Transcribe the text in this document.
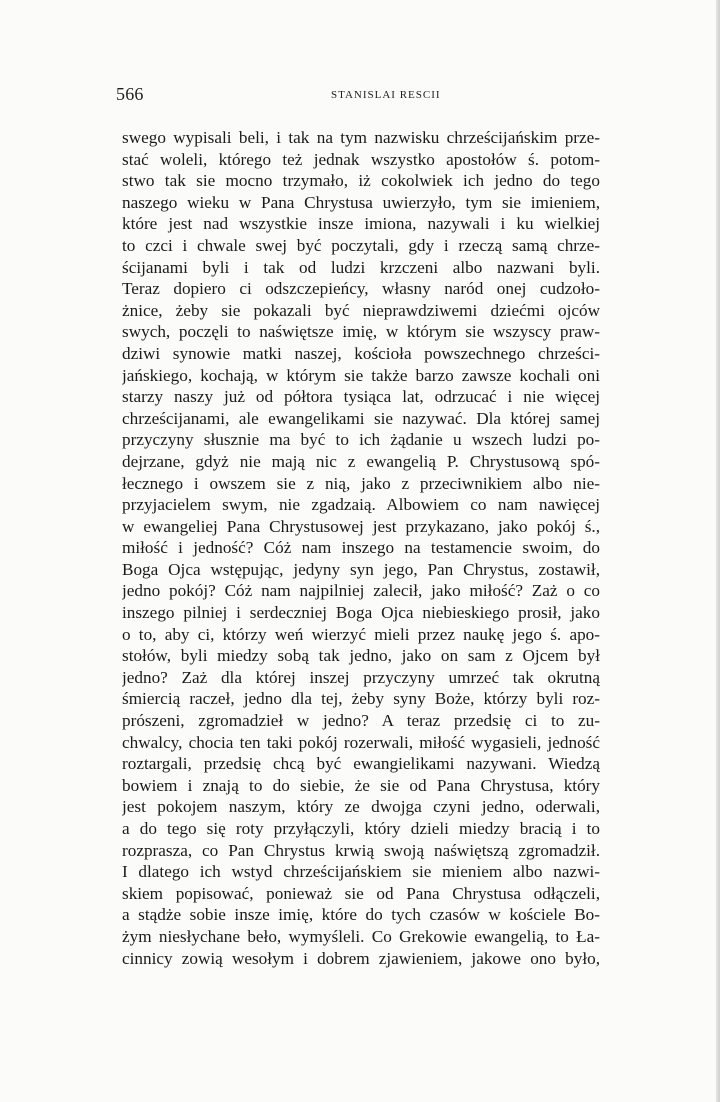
566	STANISLAI RESCII
swego wypisali beli, i tak na tym nazwisku chrześcijańskim prze-
stać woleli, którego też jednak wszystko apostołów ś. potom-
stwo tak sie mocno trzymało, iż cokolwiek ich jedno do tego
naszego wieku w Pana Chrystusa uwierzyło, tym sie imieniem,
które jest nad wszystkie insze imiona, nazywali i ku wielkiej
to czci i chwale swej być poczytali, gdy i rzeczą samą chrze-
ścijanami byli i tak od ludzi krzczeni albo nazwani byli.
Teraz dopiero ci odszczepieńcy, własny naród onej cudzoło-
żnice, żeby sie pokazali być nieprawdziwemi dziećmi ojców
swych, poczęli to naświętsze imię, w którym sie wszyscy praw-
dziwi synowie matki naszej, kościoła powszechnego chrześci-
jańskiego, kochają, w którym sie także barzo zawsze kochali oni
starzy naszy już od półtora tysiąca lat, odrzucać i nie więcej
chrześcijanami, ale ewangelikami sie nazywać. Dla której samej
przyczyny słusznie ma być to ich żądanie u wszech ludzi po-
dejrzane, gdyż nie mają nic z ewangelią P. Chrystusową spó-
łecznego i owszem sie z nią, jako z przeciwnikiem albo nie-
przyjacielem swym, nie zgadzaią. Albowiem co nam nawięcej
w ewangeliej Pana Chrystusowej jest przykazano, jako pokój ś.,
miłość i jedność? Cóż nam inszego na testamencie swoim, do
Boga Ojca wstępując, jedyny syn jego, Pan Chrystus, zostawił,
jedno pokój? Cóż nam najpilniej zalecił, jako miłość? Zaż o co
inszego pilniej i serdeczniej Boga Ojca niebieskiego prosił, jako
o to, aby ci, którzy weń wierzyć mieli przez naukę jego ś. apo-
stołów, byli miedzy sobą tak jedno, jako on sam z Ojcem był
jedno? Zaż dla której inszej przyczyny umrzeć tak okrutną
śmiercią raczeł, jedno dla tej, żeby syny Boże, którzy byli roz-
prószeni, zgromadzieł w jedno? A teraz przedsię ci to zu-
chwalcy, chocia ten taki pokój rozerwali, miłość wygasieli, jedność
roztargali, przedsię chcą być ewangielikami nazywani. Wiedzą
bowiem i znają to do siebie, że sie od Pana Chrystusa, który
jest pokojem naszym, który ze dwojga czyni jedno, oderwali,
a do tego się roty przyłączyli, który dzieli miedzy bracią i to
rozprasza, co Pan Chrystus krwią swoją naświętszą zgromadził.
I dlatego ich wstyd chrześcijańskiem sie mieniem albo nazwi-
skiem popisować, ponieważ sie od Pana Chrystusa odłączeli,
a stądże sobie insze imię, które do tych czasów w kościele Bo-
żym niesłychane beło, wymyśleli. Co Grekowie ewangelią, to Ła-
cinnicy zowią wesołym i dobrem zjawieniem, jakowe ono było,
